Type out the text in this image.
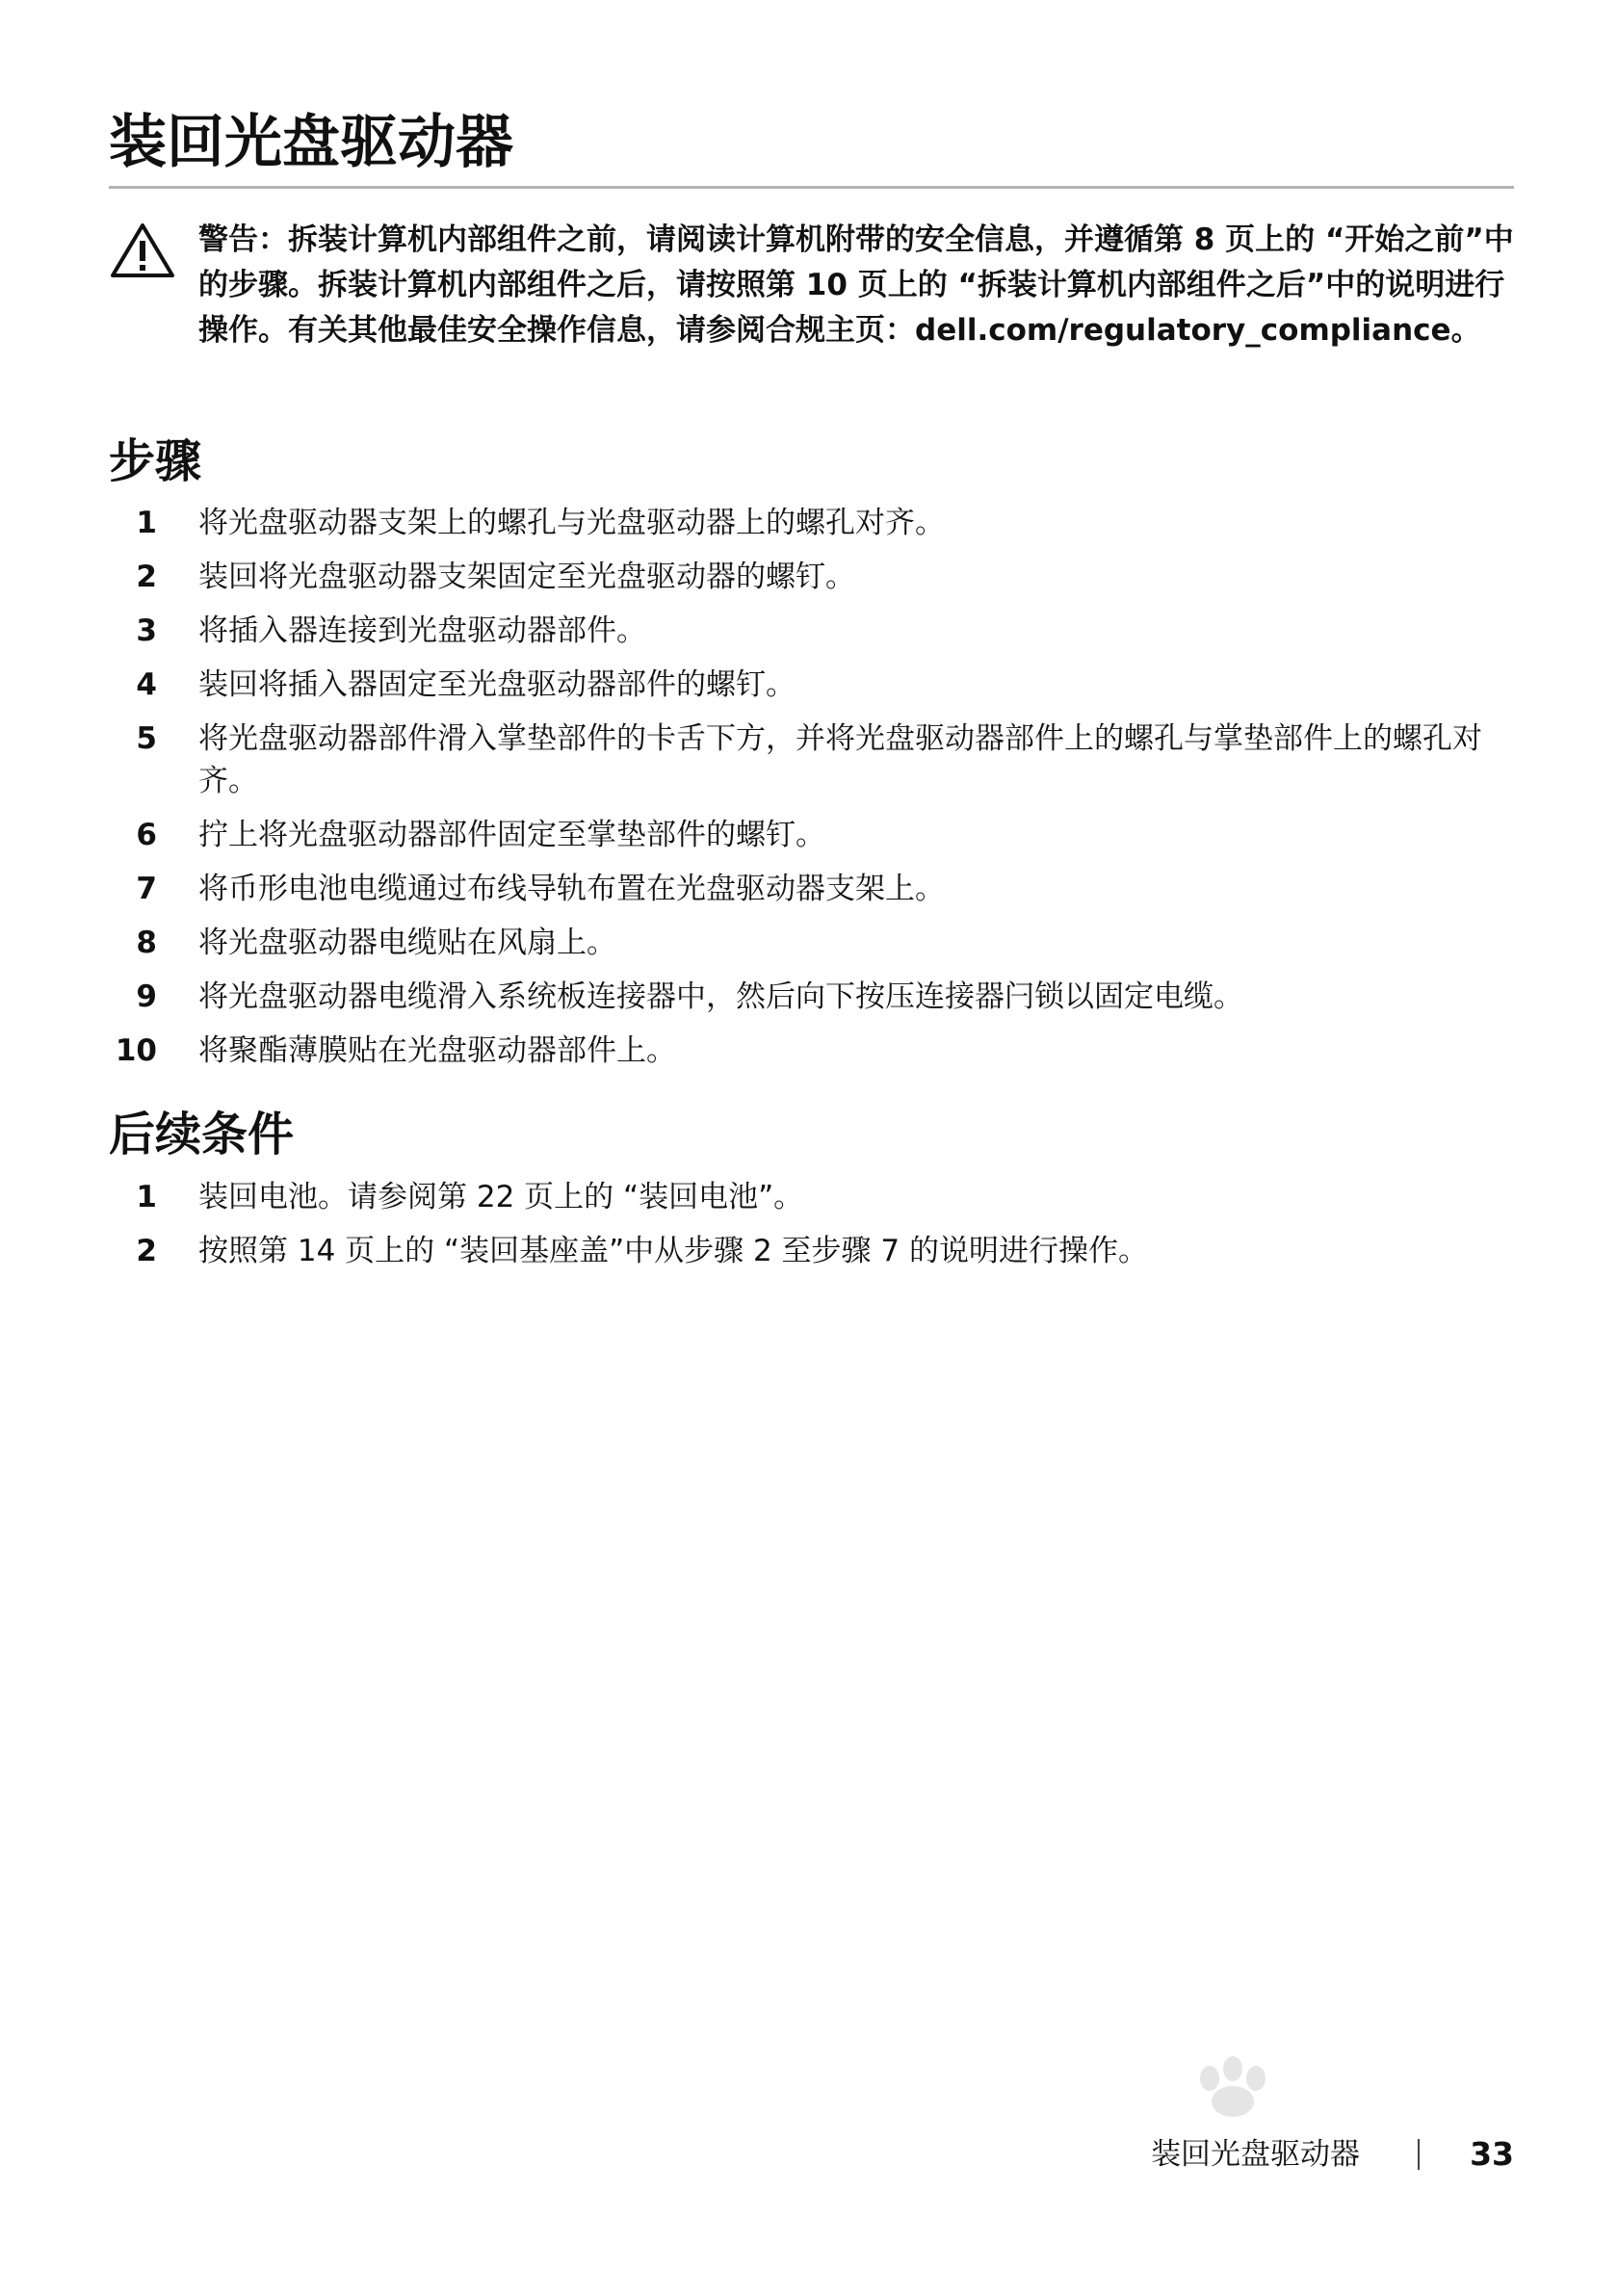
装回光盘驱动器

警告：拆装计算机内部组件之前，请阅读计算机附带的安全信息，并遵循第 8 页上的 “开始之前”中的步骤。拆装计算机内部组件之后，请按照第 10 页上的 “拆装计算机内部组件之后”中的说明进行操作。有关其他最佳安全操作信息，请参阅合规主页：dell.com/regulatory_compliance。

步骤
1 将光盘驱动器支架上的螺孔与光盘驱动器上的螺孔对齐。
2 装回将光盘驱动器支架固定至光盘驱动器的螺钉。
3 将插入器连接到光盘驱动器部件。
4 装回将插入器固定至光盘驱动器部件的螺钉。
5 将光盘驱动器部件滑入掌垫部件的卡舌下方，并将光盘驱动器部件上的螺孔与掌垫部件上的螺孔对齐。
6 拧上将光盘驱动器部件固定至掌垫部件的螺钉。
7 将币形电池电缆通过布线导轨布置在光盘驱动器支架上。
8 将光盘驱动器电缆贴在风扇上。
9 将光盘驱动器电缆滑入系统板连接器中，然后向下按压连接器闩锁以固定电缆。
10 将聚酯薄膜贴在光盘驱动器部件上。
后续条件
1 装回电池。请参阅第 22 页上的 “装回电池”。
2 按照第 14 页上的 “装回基座盖”中从步骤 2 至步骤 7 的说明进行操作。
装回光盘驱动器	33
